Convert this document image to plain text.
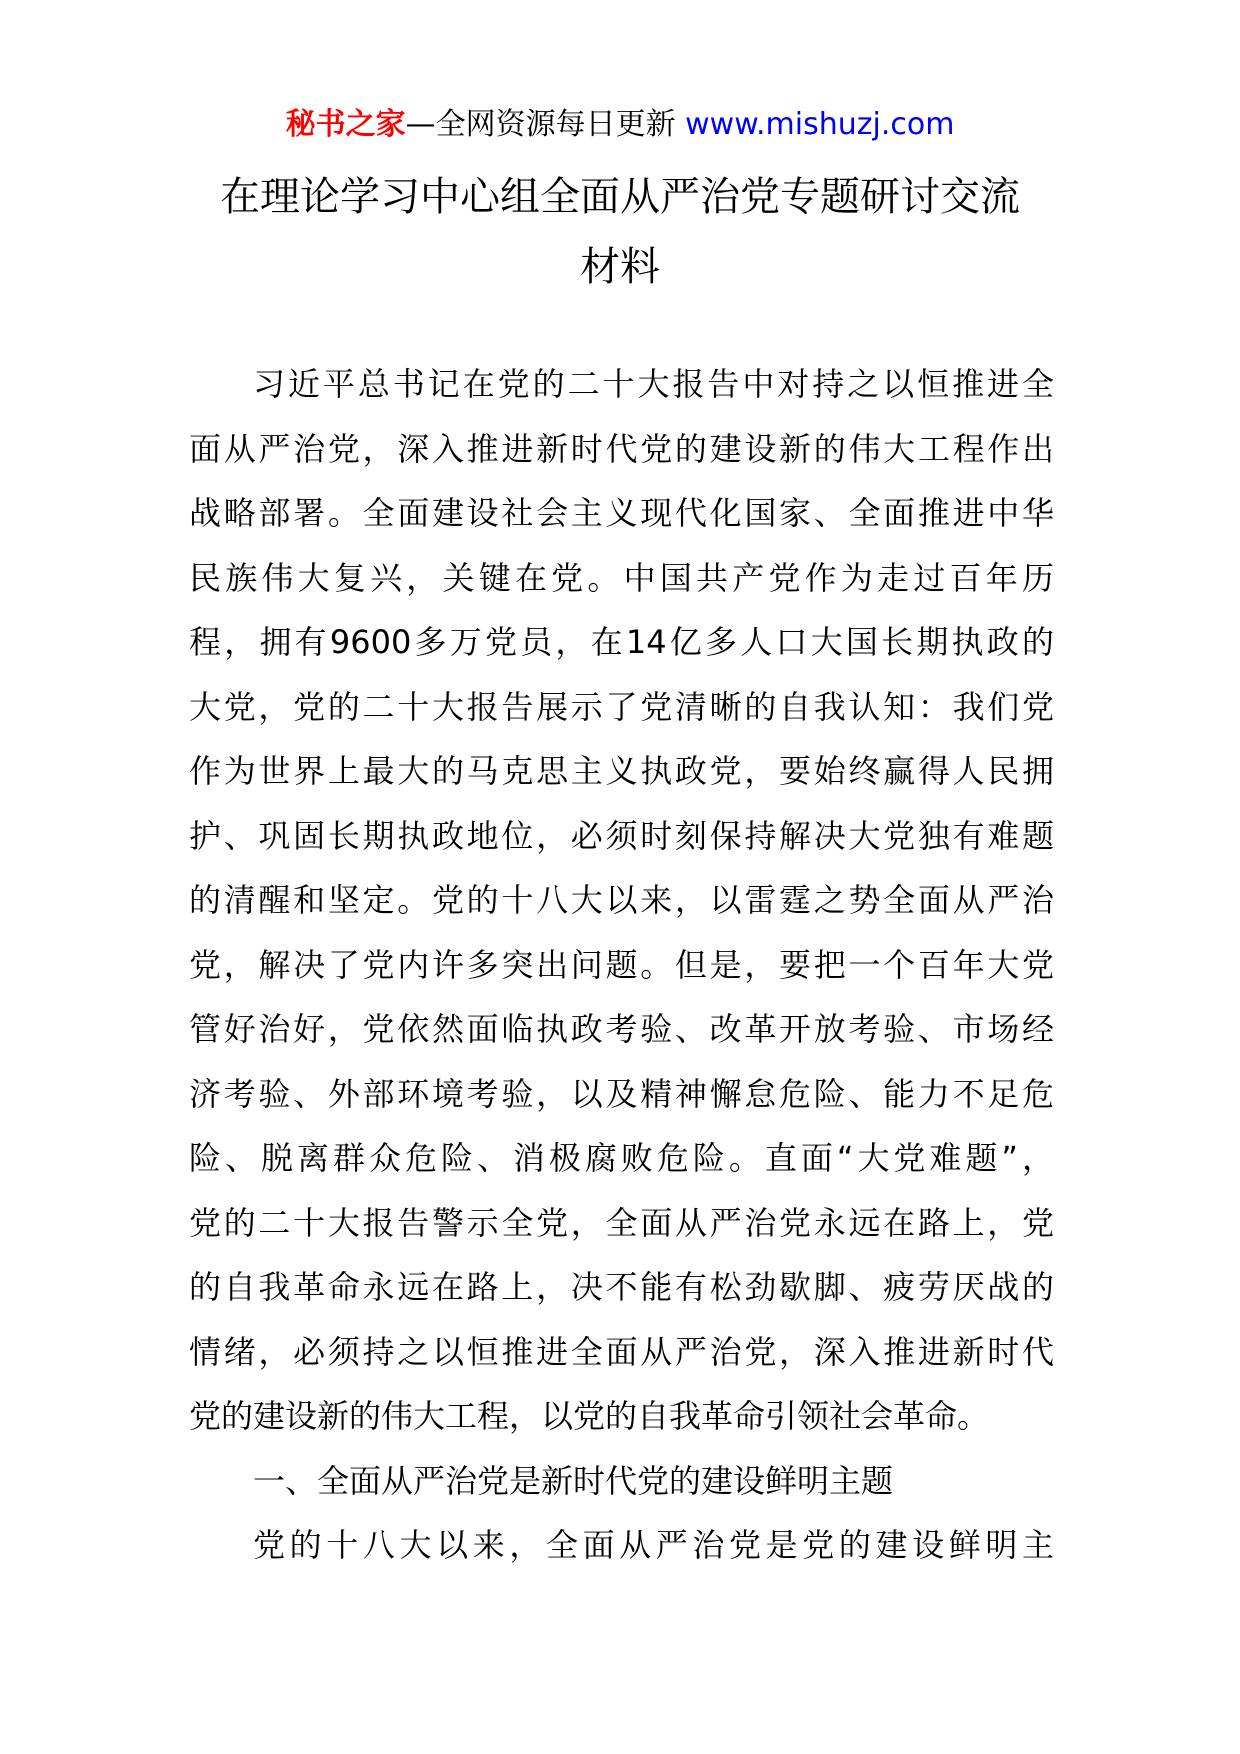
秘书之家—全网资源每日更新 www.mishuzj.com
在理论学习中心组全面从严治党专题研讨交流
材料
习近平总书记在党的二十大报告中对持之以恒推进全
面从严治党，深入推进新时代党的建设新的伟大工程作出
战略部署。全面建设社会主义现代化国家、全面推进中华
民族伟大复兴，关键在党。中国共产党作为走过百年历
程，拥有9600多万党员，在14亿多人口大国长期执政的
大党，党的二十大报告展示了党清晰的自我认知：我们党
作为世界上最大的马克思主义执政党，要始终赢得人民拥
护、巩固长期执政地位，必须时刻保持解决大党独有难题
的清醒和坚定。党的十八大以来，以雷霆之势全面从严治
党，解决了党内许多突出问题。但是，要把一个百年大党
管好治好，党依然面临执政考验、改革开放考验、市场经
济考验、外部环境考验，以及精神懈怠危险、能力不足危
险、脱离群众危险、消极腐败危险。直面“大党难题”，
党的二十大报告警示全党，全面从严治党永远在路上，党
的自我革命永远在路上，决不能有松劲歇脚、疲劳厌战的
情绪，必须持之以恒推进全面从严治党，深入推进新时代
党的建设新的伟大工程，以党的自我革命引领社会革命。
一、全面从严治党是新时代党的建设鲜明主题
党的十八大以来，全面从严治党是党的建设鲜明主
